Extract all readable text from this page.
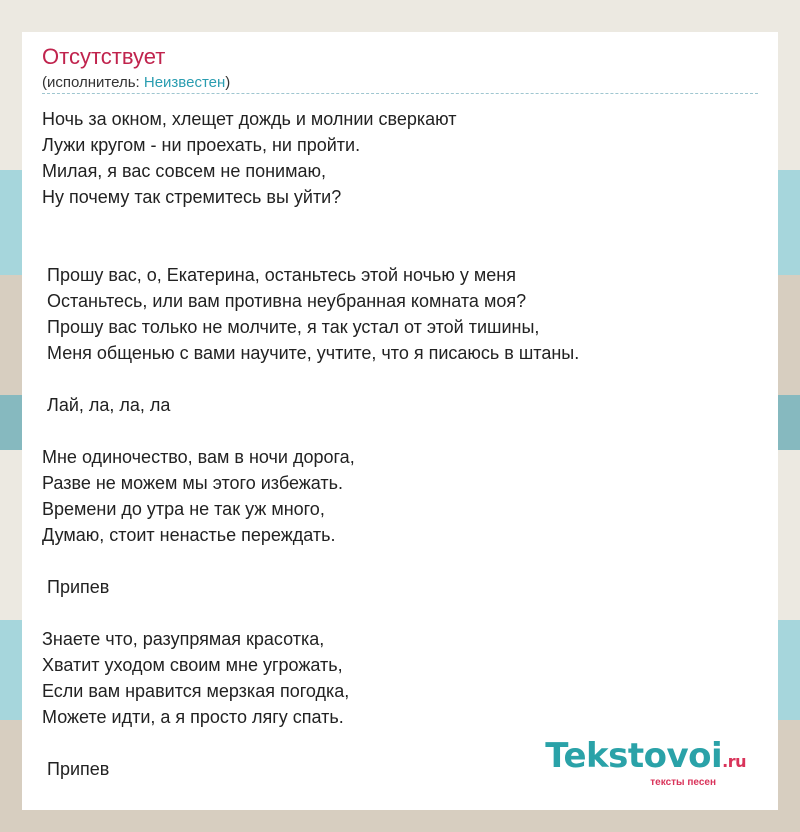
Отсутствует
(исполнитель: Неизвестен)
Ночь за окном, хлещет дождь и молнии сверкают
Лужи кругом - ни проехать, ни пройти.
Милая, я вас совсем не понимаю,
Ну почему так стремитесь вы уйти?
Прошу вас, о, Екатерина, останьтесь этой ночью у меня
Останьтесь, или вам противна неубранная комната моя?
Прошу вас только не молчите, я так устал от этой тишины,
Меня общенью с вами научите, учтите, что я писаюсь в штаны.
Лай, ла, ла, ла
Мне одиночество, вам в ночи дорога,
Разве не можем мы этого избежать.
Времени до утра не так уж много,
Думаю, стоит ненастье переждать.
Припев
Знаете что, разупрямая красотка,
Хватит уходом своим мне угрожать,
Если вам нравится мерзкая погодка,
Можете идти, а я просто лягу спать.
Припев	Tekstovoi.ru
тексты песен
